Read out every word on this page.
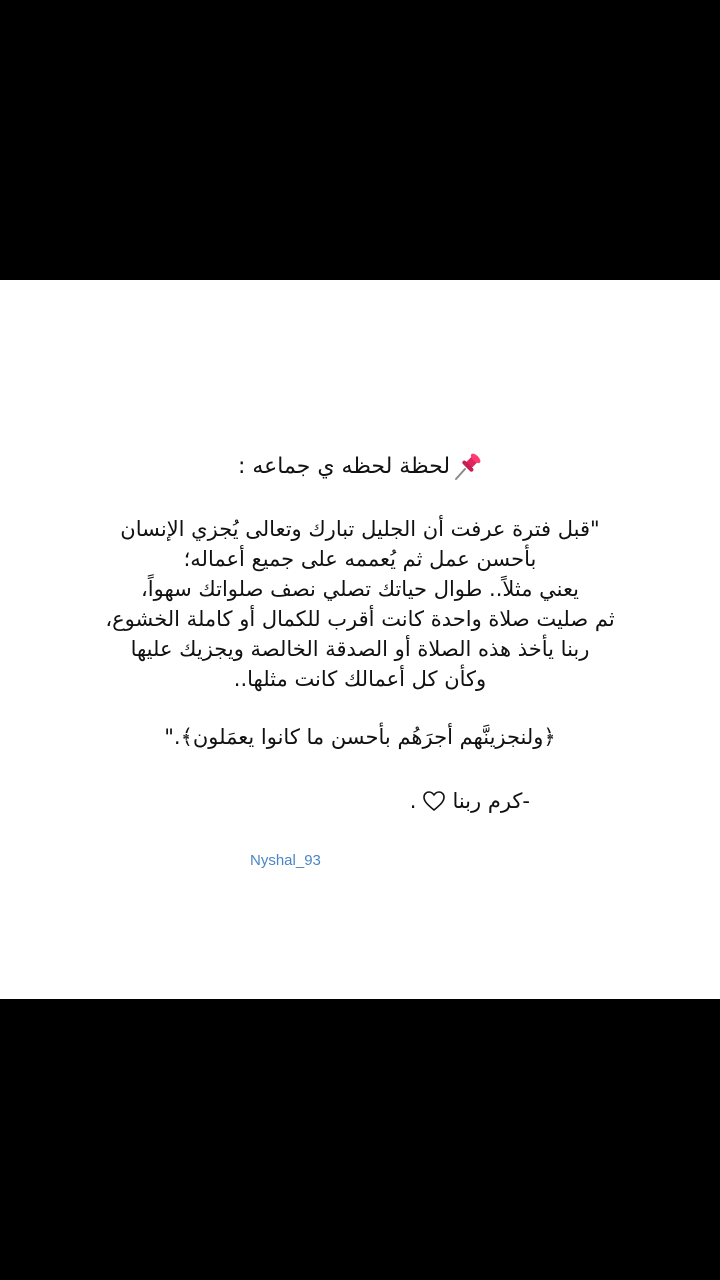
لحظة لحظه ي جماعه :
"قبل فترة عرفت أن الجليل تبارك وتعالى يُجزي الإنسان
بأحسن عمل ثم يُعممه على جميع أعماله؛
يعني مثلاً.. طوال حياتك تصلي نصف صلواتك سهواً،
ثم صليت صلاة واحدة كانت أقرب للكمال أو كاملة الخشوع،
ربنا يأخذ هذه الصلاة أو الصدقة الخالصة ويجزيك عليها
وكأن كل أعمالك كانت مثلها..
﴿ولنجزينَّهم أجرَهُم بأحسن ما كانوا يعمَلون﴾."
-كرم ربنا
.
Nyshal_93
